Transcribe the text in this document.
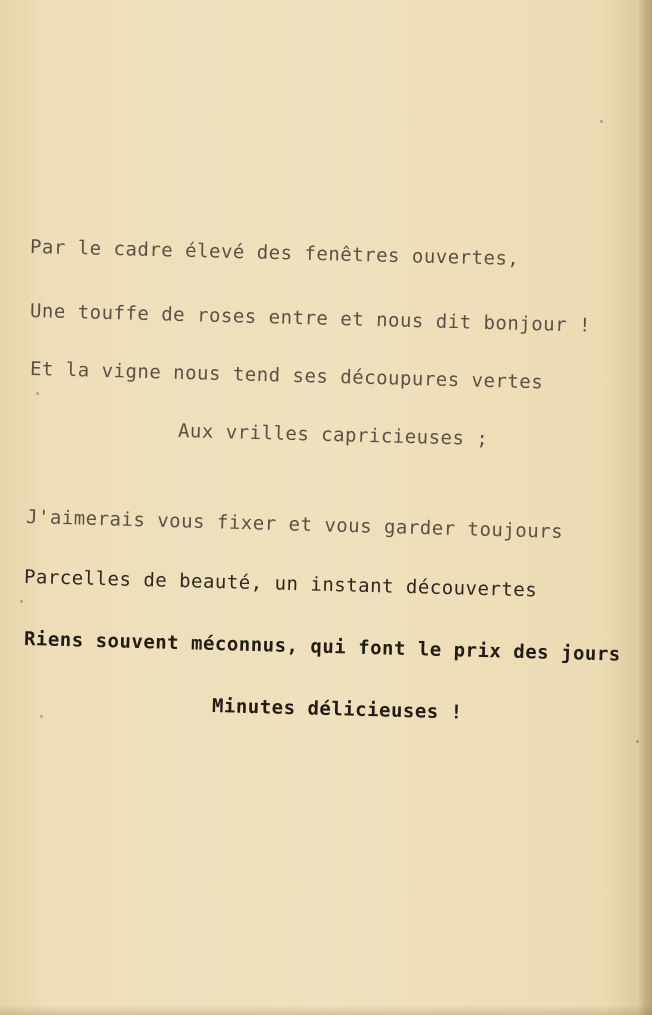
Par le cadre élevé des fenêtres ouvertes,
Une touffe de roses entre et nous dit bonjour !
Et la vigne nous tend ses découpures vertes
Aux vrilles capricieuses ;
J'aimerais vous fixer et vous garder toujours
Parcelles de beauté, un instant découvertes
Riens souvent méconnus, qui font le prix des jours
Minutes délicieuses !
